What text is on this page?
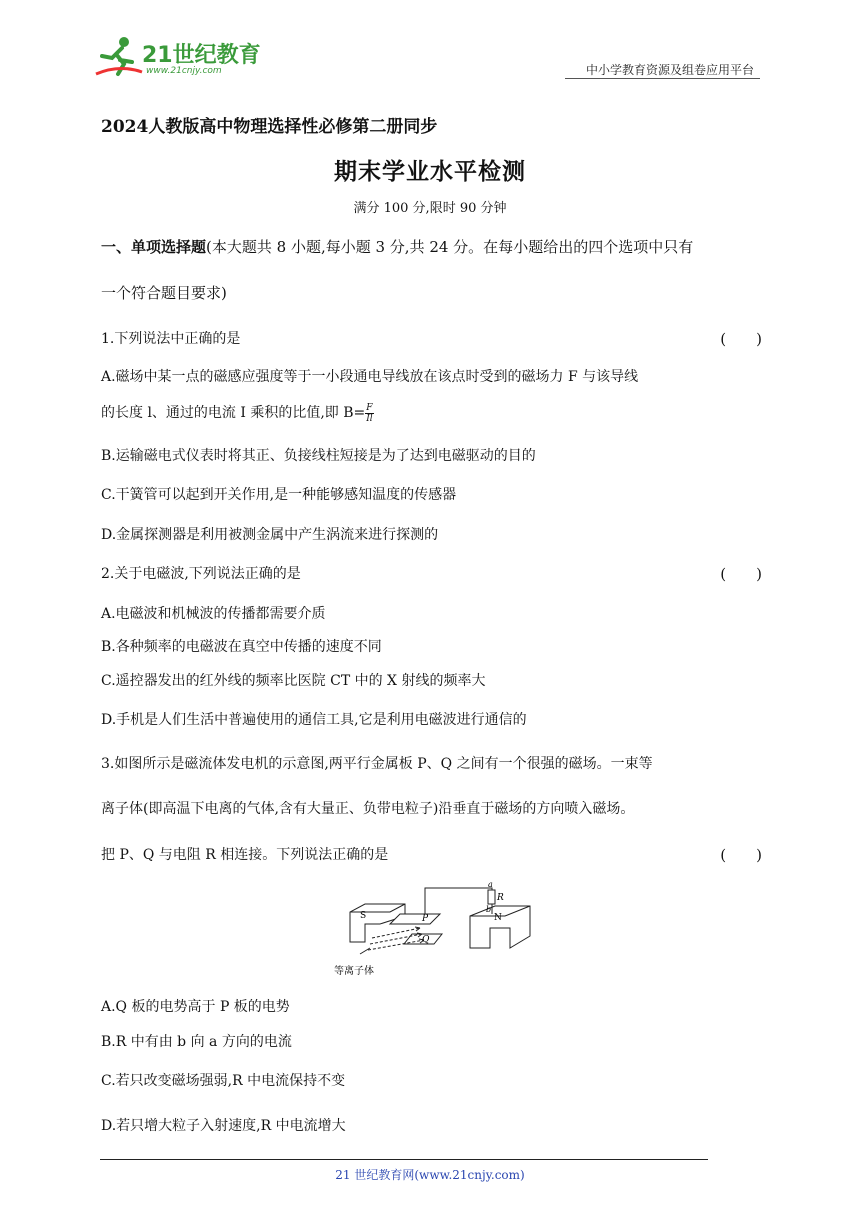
21世纪教育
www.21cnjy.com	中小学教育资源及组卷应用平台
2024人教版高中物理选择性必修第二册同步
期末学业水平检测
满分 100 分,限时 90 分钟
一、单项选择题(本大题共 8 小题,每小题 3 分,共 24 分。在每小题给出的四个选项中只有
一个符合题目要求)
1.下列说法中正确的是	(　　)
A.磁场中某一点的磁感应强度等于一小段通电导线放在该点时受到的磁场力 F 与该导线
的长度 l、通过的电流 I 乘积的比值,即 $B= \frac{F}{Il}$
B.运输磁电式仪表时将其正、负接线柱短接是为了达到电磁驱动的目的
C.干簧管可以起到开关作用,是一种能够感知温度的传感器
D.金属探测器是利用被测金属中产生涡流来进行探测的
2.关于电磁波,下列说法正确的是	(　　)
A.电磁波和机械波的传播都需要介质
B.各种频率的电磁波在真空中传播的速度不同
C.遥控器发出的红外线的频率比医院 CT 中的 X 射线的频率大
D.手机是人们生活中普遍使用的通信工具,它是利用电磁波进行通信的
3.如图所示是磁流体发电机的示意图,两平行金属板 P、Q 之间有一个很强的磁场。一束等
离子体(即高温下电离的气体,含有大量正、负带电粒子)沿垂直于磁场的方向喷入磁场。
把 P、Q 与电阻 R 相连接。下列说法正确的是	(　　)
S	P
Q
N
a
R
b
等离子体
A.Q 板的电势高于 P 板的电势
B.R 中有由 b 向 a 方向的电流
C.若只改变磁场强弱,R 中电流保持不变
D.若只增大粒子入射速度,R 中电流增大
21 世纪教育网(www.21cnjy.com)
